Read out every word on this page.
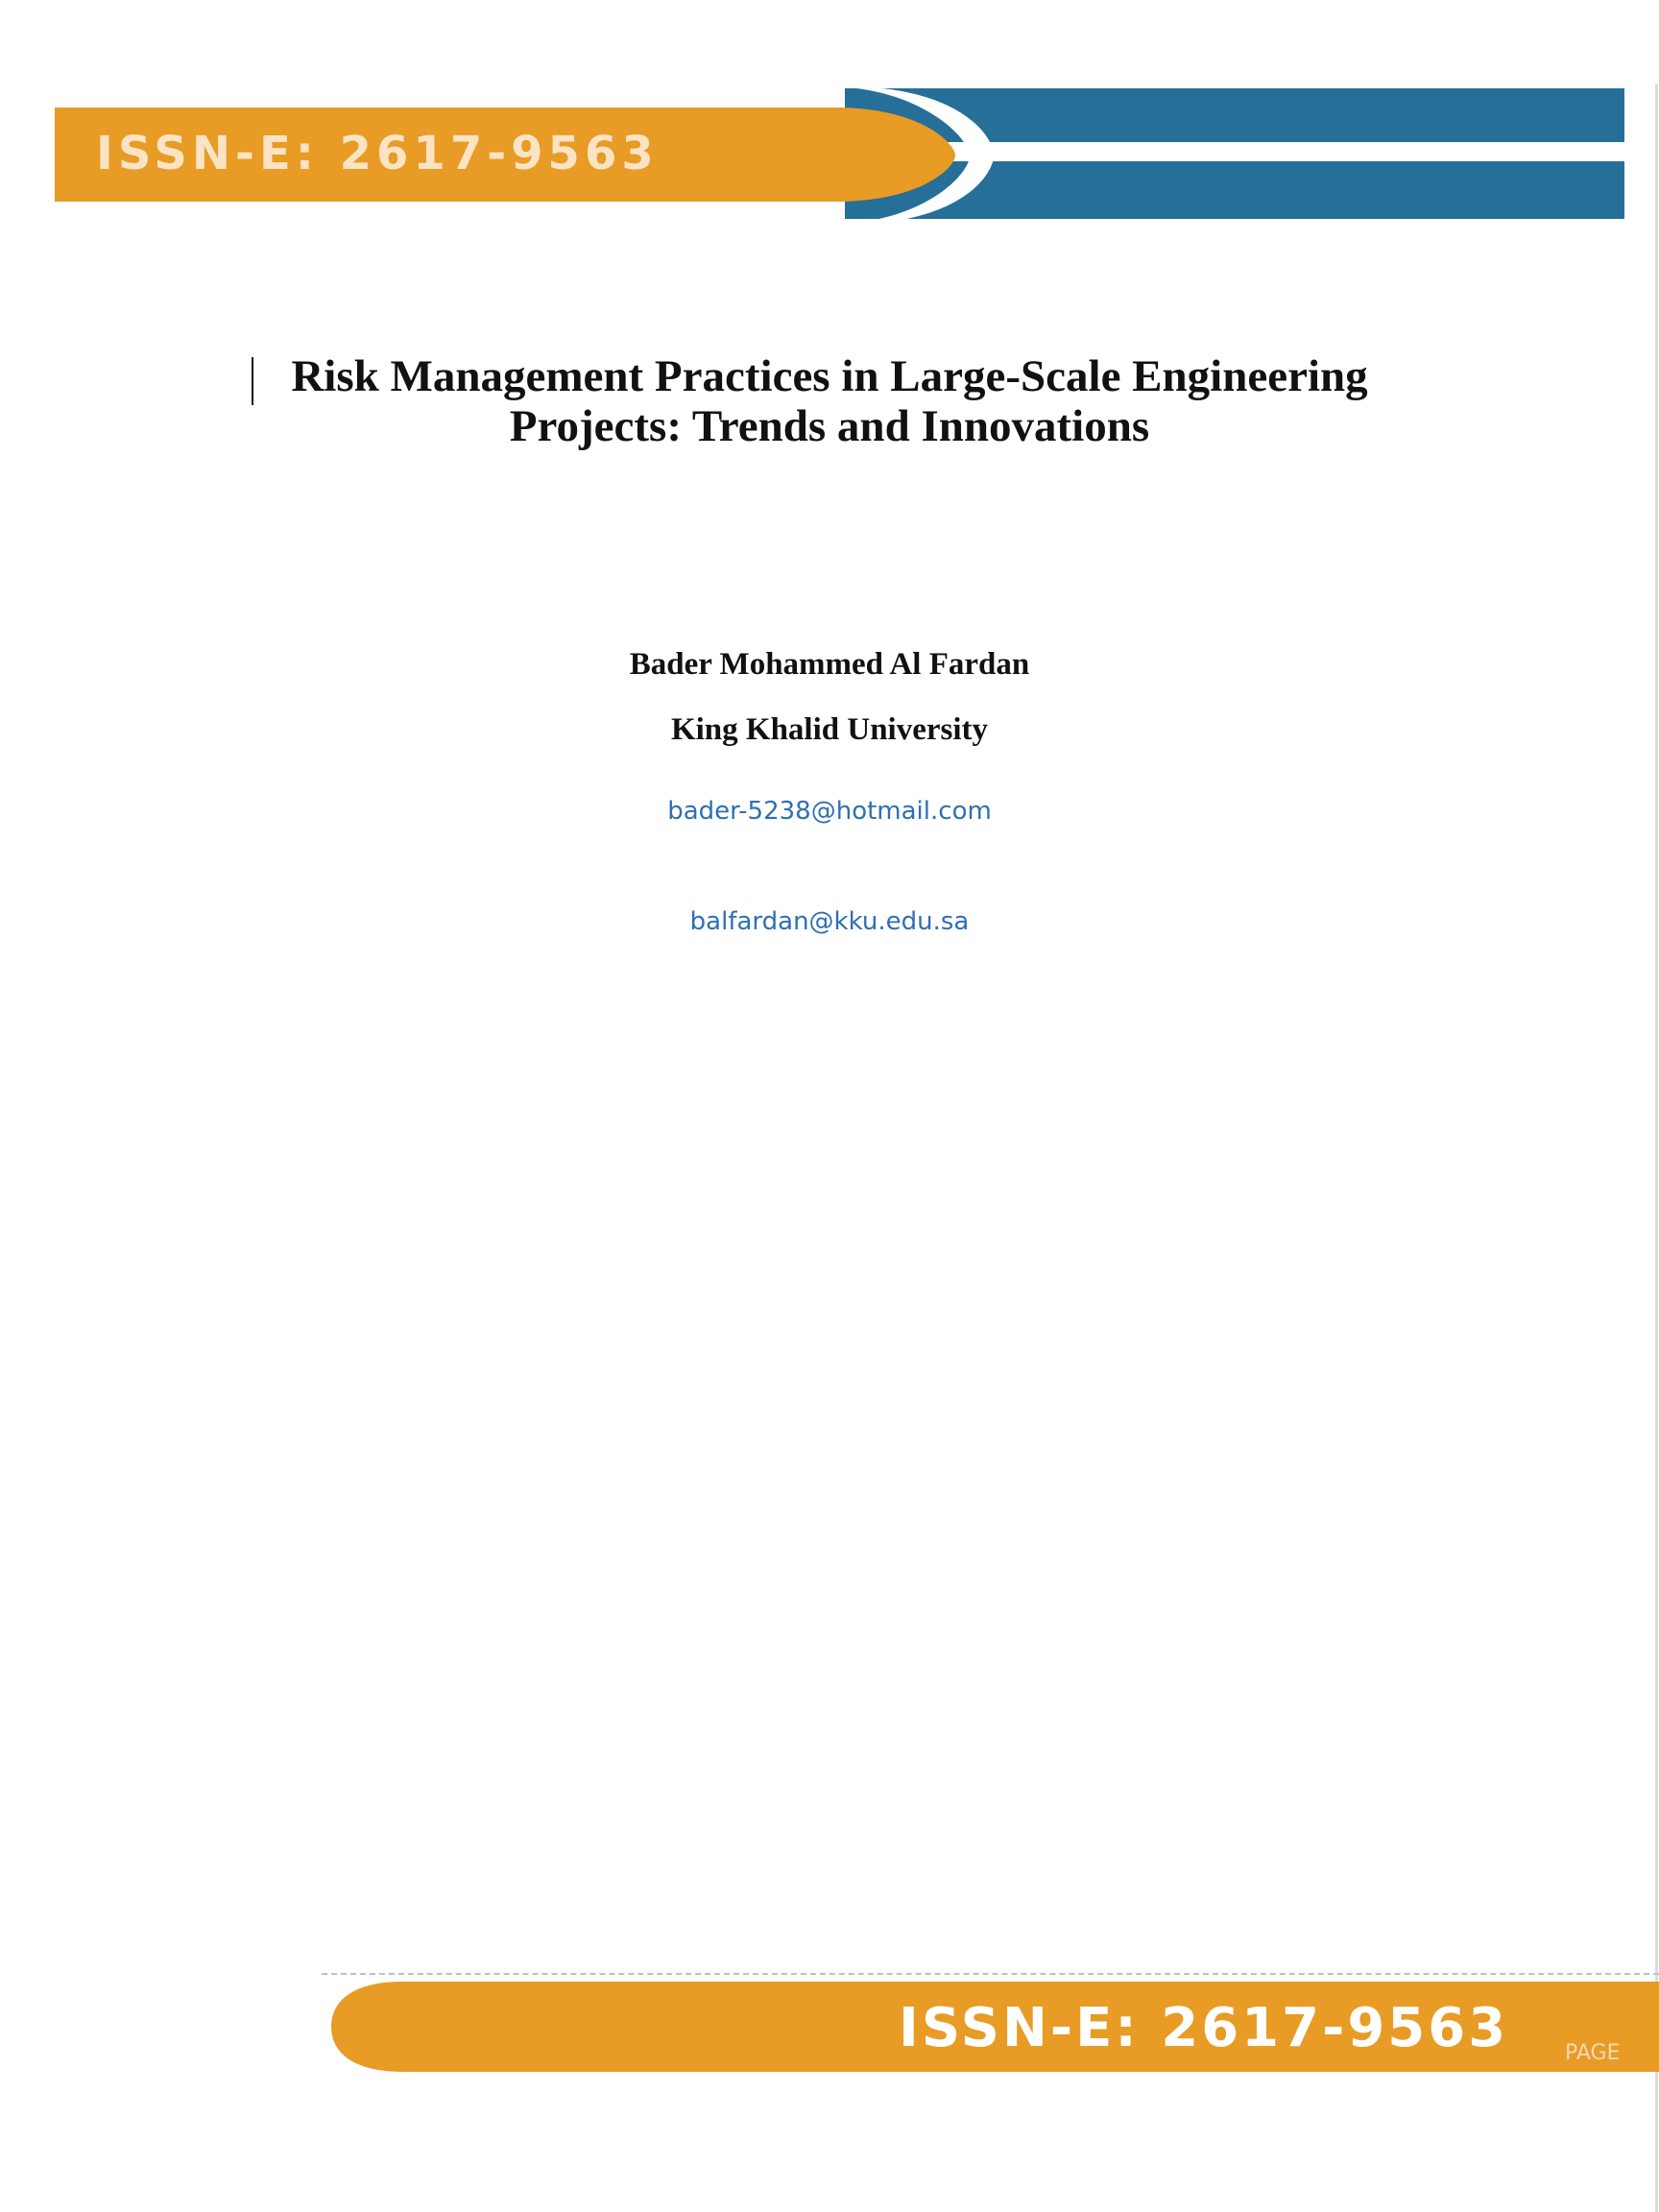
ISSN-E: 2617-9563
Risk Management Practices in Large-Scale Engineering
Projects: Trends and Innovations
Bader Mohammed Al Fardan
King Khalid University
bader-5238@hotmail.com
balfardan@kku.edu.sa
ISSN-E: 2617-9563	PAGE
